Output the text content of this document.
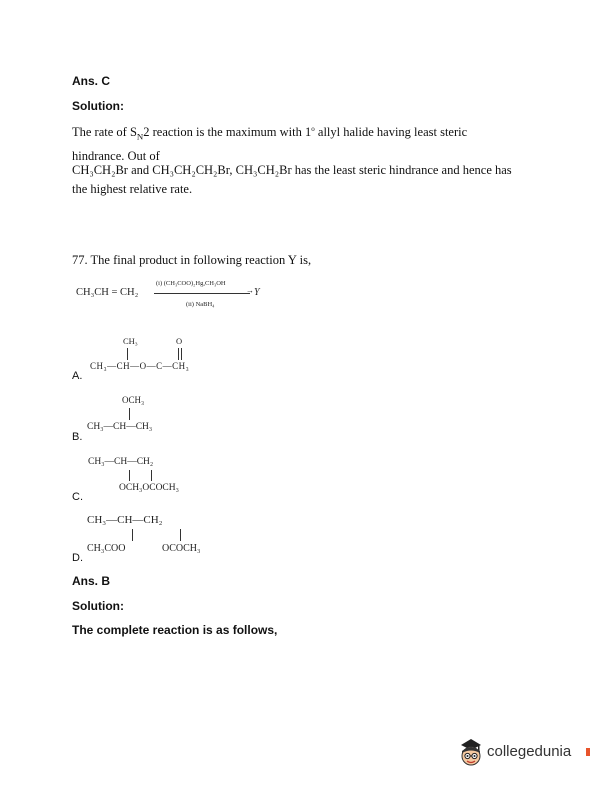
Ans. C
Solution:
The rate of $S_N2$ reaction is the maximum with 1$^o$ allyl halide having least steric
hindrance. Out of
CH₃CH₂Br and CH₃CH₂CH₂Br, CH₃CH₂Br has the least steric hindrance and hence has
the highest relative rate.
77. The final product in following reaction Y is,
CH₃CH = CH₂
(i) (CH₃COO)₂Hg,CH₃OH
→ Y
(ii) NaBH₄
CH₃	O
CH₃—CH—O—C—CH₃
A.
OCH₃
CH₃—CH—CH₃
B.
CH₃—CH—CH₂
OCH₃OCOCH₃
C.
CH₃—CH—CH₂
CH₃COO	OCOCH₃
D.
Ans. B
Solution:
The complete reaction is as follows,
collegedunia
